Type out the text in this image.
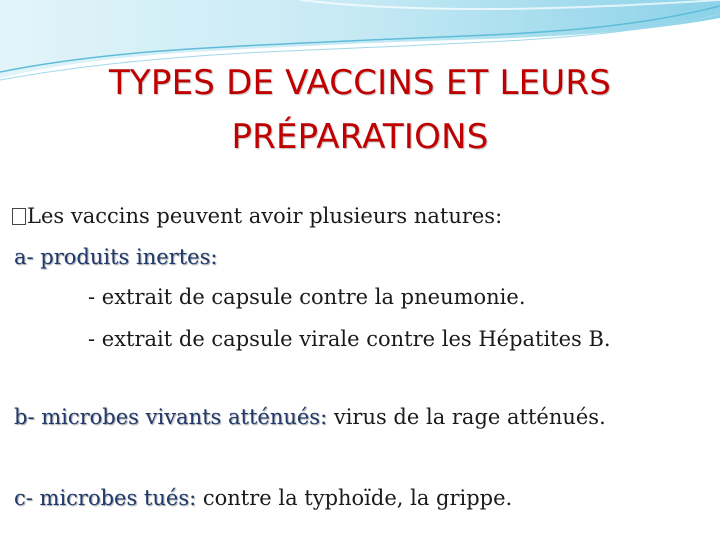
TYPES DE VACCINS ET LEURS
PRÉPARATIONS
Les vaccins peuvent avoir plusieurs natures:
a- produits inertes:
- extrait de capsule contre la pneumonie.
- extrait de capsule virale contre les Hépatites B.
b- microbes vivants atténués: virus de la rage atténués.
c- microbes tués: contre la typhoïde, la grippe.
